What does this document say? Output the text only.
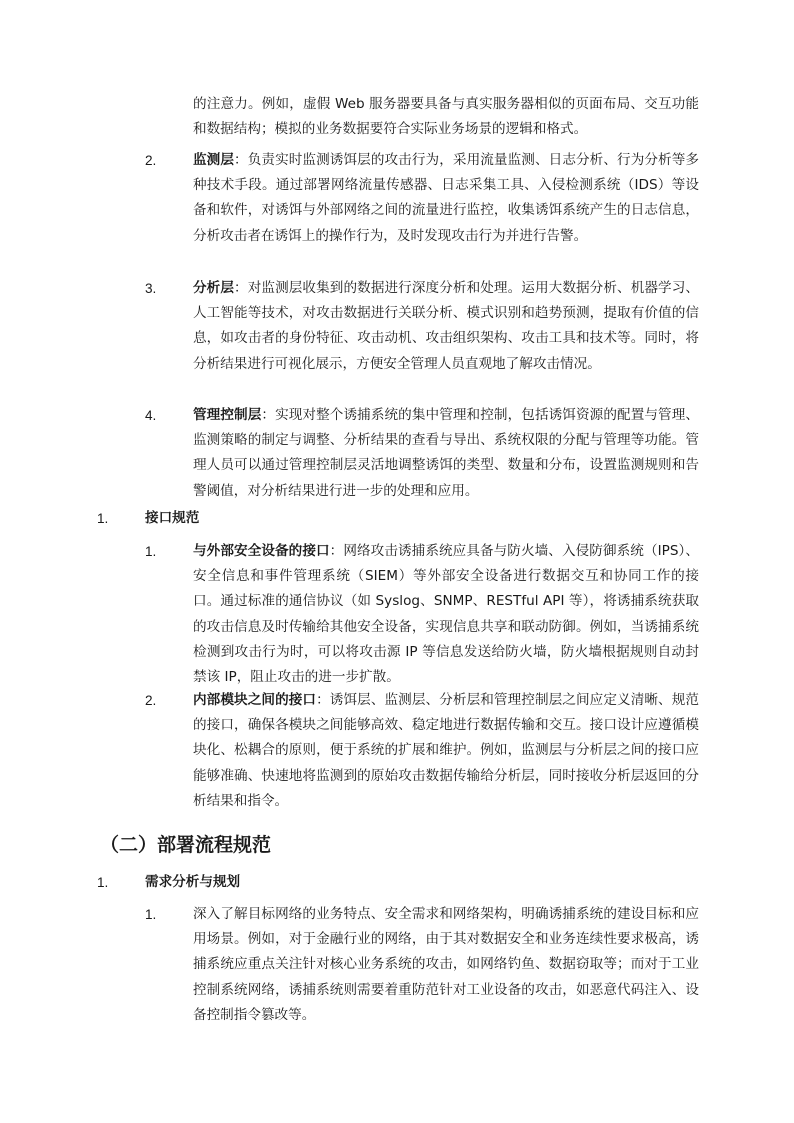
的注意力。例如，虚假 Web 服务器要具备与真实服务器相似的页面布局、交互功能和数据结构；模拟的业务数据要符合实际业务场景的逻辑和格式。

2.	监测层：负责实时监测诱饵层的攻击行为，采用流量监测、日志分析、行为分析等多种技术手段。通过部署网络流量传感器、日志采集工具、入侵检测系统（IDS）等设备和软件，对诱饵与外部网络之间的流量进行监控，收集诱饵系统产生的日志信息，分析攻击者在诱饵上的操作行为，及时发现攻击行为并进行告警。

3.	分析层：对监测层收集到的数据进行深度分析和处理。运用大数据分析、机器学习、人工智能等技术，对攻击数据进行关联分析、模式识别和趋势预测，提取有价值的信息，如攻击者的身份特征、攻击动机、攻击组织架构、攻击工具和技术等。同时，将分析结果进行可视化展示，方便安全管理人员直观地了解攻击情况。

4.	管理控制层：实现对整个诱捕系统的集中管理和控制，包括诱饵资源的配置与管理、监测策略的制定与调整、分析结果的查看与导出、系统权限的分配与管理等功能。管理人员可以通过管理控制层灵活地调整诱饵的类型、数量和分布，设置监测规则和告警阈值，对分析结果进行进一步的处理和应用。

1.	接口规范
1.	与外部安全设备的接口：网络攻击诱捕系统应具备与防火墙、入侵防御系统（IPS）、安全信息和事件管理系统（SIEM）等外部安全设备进行数据交互和协同工作的接口。通过标准的通信协议（如 Syslog、SNMP、RESTful API 等），将诱捕系统获取的攻击信息及时传输给其他安全设备，实现信息共享和联动防御。例如，当诱捕系统检测到攻击行为时，可以将攻击源 IP 等信息发送给防火墙，防火墙根据规则自动封禁该 IP，阻止攻击的进一步扩散。

2.	内部模块之间的接口：诱饵层、监测层、分析层和管理控制层之间应定义清晰、规范的接口，确保各模块之间能够高效、稳定地进行数据传输和交互。接口设计应遵循模块化、松耦合的原则，便于系统的扩展和维护。例如，监测层与分析层之间的接口应能够准确、快速地将监测到的原始攻击数据传输给分析层，同时接收分析层返回的分析结果和指令。

（二）部署流程规范
1.	需求分析与规划
1.	深入了解目标网络的业务特点、安全需求和网络架构，明确诱捕系统的建设目标和应用场景。例如，对于金融行业的网络，由于其对数据安全和业务连续性要求极高，诱捕系统应重点关注针对核心业务系统的攻击，如网络钓鱼、数据窃取等；而对于工业控制系统网络，诱捕系统则需要着重防范针对工业设备的攻击，如恶意代码注入、设备控制指令篡改等。
